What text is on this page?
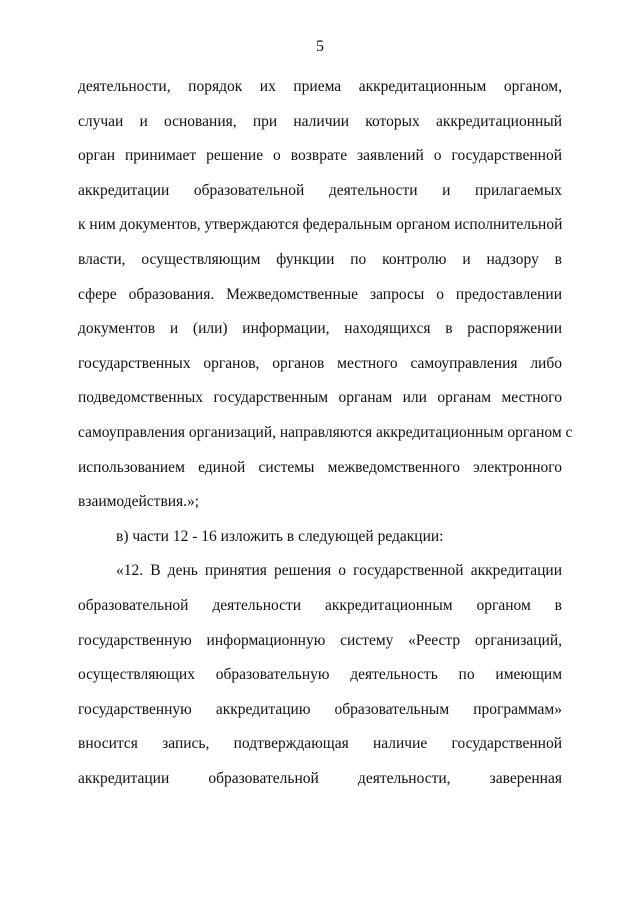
5
деятельности, порядок их приема аккредитационным органом,
случаи и основания, при наличии которых аккредитационный
орган принимает решение о возврате заявлений о государственной
аккредитации образовательной деятельности и прилагаемых
к ним документов, утверждаются федеральным органом исполнительной
власти, осуществляющим функции по контролю и надзору в
сфере образования. Межведомственные запросы о предоставлении
документов и (или) информации, находящихся в распоряжении
государственных органов, органов местного самоуправления либо
подведомственных государственным органам или органам местного
самоуправления организаций, направляются аккредитационным органом с
использованием единой системы межведомственного электронного
взаимодействия.»;
в) части 12 - 16 изложить в следующей редакции:
«12. В день принятия решения о государственной аккредитации
образовательной деятельности аккредитационным органом в
государственную информационную систему «Реестр организаций,
осуществляющих образовательную деятельность по имеющим
государственную аккредитацию образовательным программам»
вносится запись, подтверждающая наличие государственной
аккредитации образовательной деятельности, заверенная
